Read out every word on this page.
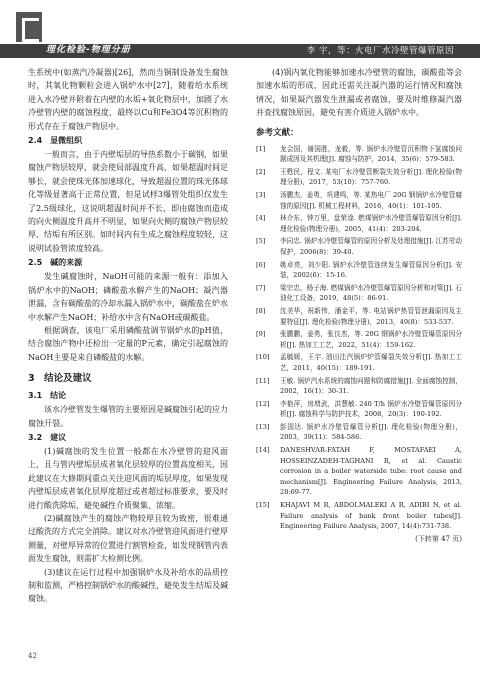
理化检验-物理分册	李 宇，等：火电厂水冷壁管爆管原因

生系统中(如蒸汽冷凝器)[26]，然而当铜制设备发生腐蚀时，其氧化物颗粒会进入锅炉水中[27]，随着给水系统进入水冷壁并附着在内壁的水垢+氧化物层中，加剧了水冷壁管内壁的腐蚀程度，最终以Cu和Fe3O4等沉积物的形式存在于腐蚀产物层中。

2.4　显微组织

一般而言，由于内壁垢层的导热系数小于碳钢，如果腐蚀产物层较厚，就会使局部温度升高，如果超温时间足够长，就会使珠光体加速球化，导致超温位置的珠光体球化等级显著高于正常位置，但是试样3爆管处组织仅发生了2.5级球化，这说明超温时间并不长，即由腐蚀而造成的向火侧温度升高并不明显，如果向火侧的腐蚀产物层较厚、结垢有所区别。如时间内有生成之腐蚀程度较轻，这说明试验管浓度较高。

2.5　碱的来源

发生碱腐蚀时，NaOH可能的来源一般有：添加入锅炉水中的NaOH；磷酸盐水解产生的NaOH；凝汽器泄漏，含有碳酸盐的冷却水漏入锅炉水中，碳酸盐在炉水中水解产生NaOH；补给水中含有NaOH或碳酸盐。

根据调查，该电厂采用磷酸盐调节锅炉水的pH值，结合腐蚀产物中还检出一定量的P元素，确定引起腐蚀的NaOH主要是来自磷酸盐的水解。

3　结论及建议
3.1　结论

该水冷壁管发生爆管的主要原因是碱腐蚀引起的应力腐蚀开裂。

3.2　建议

(1)碱腐蚀的发生位置一般都在水冷壁管的迎风面上，且与管内壁垢层成者氧化层较厚的位置高度相关，因此建议在大修期间重点关注迎风面的垢层厚度，如果发现内壁垢层成者氧化层厚度超过或者超过标准要求，要及时进行酸洗除垢，避免碱性介质聚集、浓缩。

(2)碱腐蚀产生的腐蚀产物较厚且较为致密，很难通过酸洗的方式完全消除。建议对水冷壁管迎风面进行壁厚测量，对壁厚异常的位置进行割管检查，如发现钢管内表面发生腐蚀，则需扩大检测比例。

(3)建议在运行过程中加强锅炉水及补给水的品质控制和监测，严格控制锅炉水的酸碱性，避免发生结垢及碱腐蚀。

(4)锅内氧化物能够加速水冷壁管的腐蚀，碳酸盐等会加速水垢的形成，因此还需关注凝汽器的运行情况和腐蚀情况，如果凝汽器发生泄漏或者腐蚀，要及时维修凝汽器并查找腐蚀原因，避免有害介质进入锅炉水中。

参考文献：
[1]	龙会国，谢国胜，龙毅，等. 锅炉水冷壁管沉积物下氢腐蚀问题成因及其机理[J]. 腐蚀与防护，2014，35(6)：579-583.
[2]	王甦民，程文. 某电厂水冷壁管断裂失效分析[J]. 理化检验(物理分册)，2017，53(10)：757-760.
[3]	汤鹏杰，姜勇，巩建鸣，等. 某热电厂 20G 钢锅炉水冷壁管腐蚀的原因[J]. 机械工程材料，2016，40(1)：101-105.
[4]	林介东，钟万里，盘荣淦. 燃煤锅炉水冷壁管爆管原因分析[J]. 理化检验(物理分册)，2005，41(4)：203-204.
[5]	李同忠. 锅炉水冷壁管爆管的原因分析及处理措施[J]. 江苏劳动保护，2006(8)：39-40.
[6]	姚卓亮，刘少阳. 锅炉水冷壁管连续发生爆管原因分析[J]. 安装，2002(6)：15-16.
[7]	梁宗忠，杨子海. 燃煤锅炉水冷壁管爆管原因分析和对策[J]. 石油化工设备，2019，48(5)：86-91.
[8]	沈美华，祝新伟，潘金平，等. 电站锅炉热管管泄漏原因及主要特征[J]. 理化检验(物理分册)，2013，49(8)：533-537.
[9]	张鹏鹏，姜勇，张良杰，等. 20G 钢锅炉水冷壁管爆管原因分析[J]. 热加工工艺，2022，51(4)：159-162.
[10]	孟毓媛，王宇. 油田注汽锅炉炉管爆裂失效分析[J]. 热加工工艺，2011，40(15)：189-191.
[11]	王敏. 锅炉汽水系统的腐蚀问题和防腐措施[J]. 全面腐蚀控制，2002，16(1)：30-31.
[12]	李艳萍，房增武，洪慧敏. 240 T/h 锅炉水冷壁管爆管原因分析[J]. 腐蚀科学与防护技术，2008，20(3)：190-192.
[13]	彭国达. 锅炉水冷壁管爆管分析[J]. 理化检验(物理分册)，2003，39(11)：584-586.
[14]	DANESHVAR-FATAH F, MOSTAFAEI A, HOSSEINZADEH-TAGHANI R, et al. Caustic corrosion in a boiler waterside tube: root cause and mechanism[J]. Engineering Failure Analysis, 2013, 28:69-77.
[15]	KHAJAVI M R, ABDOLMALEKI A R, ADIBI N, et al. Failure analysis of bank front boiler tubes[J]. Engineering Failure Analysis, 2007, 14(4):731-738.
(下转第 47 页)
42
